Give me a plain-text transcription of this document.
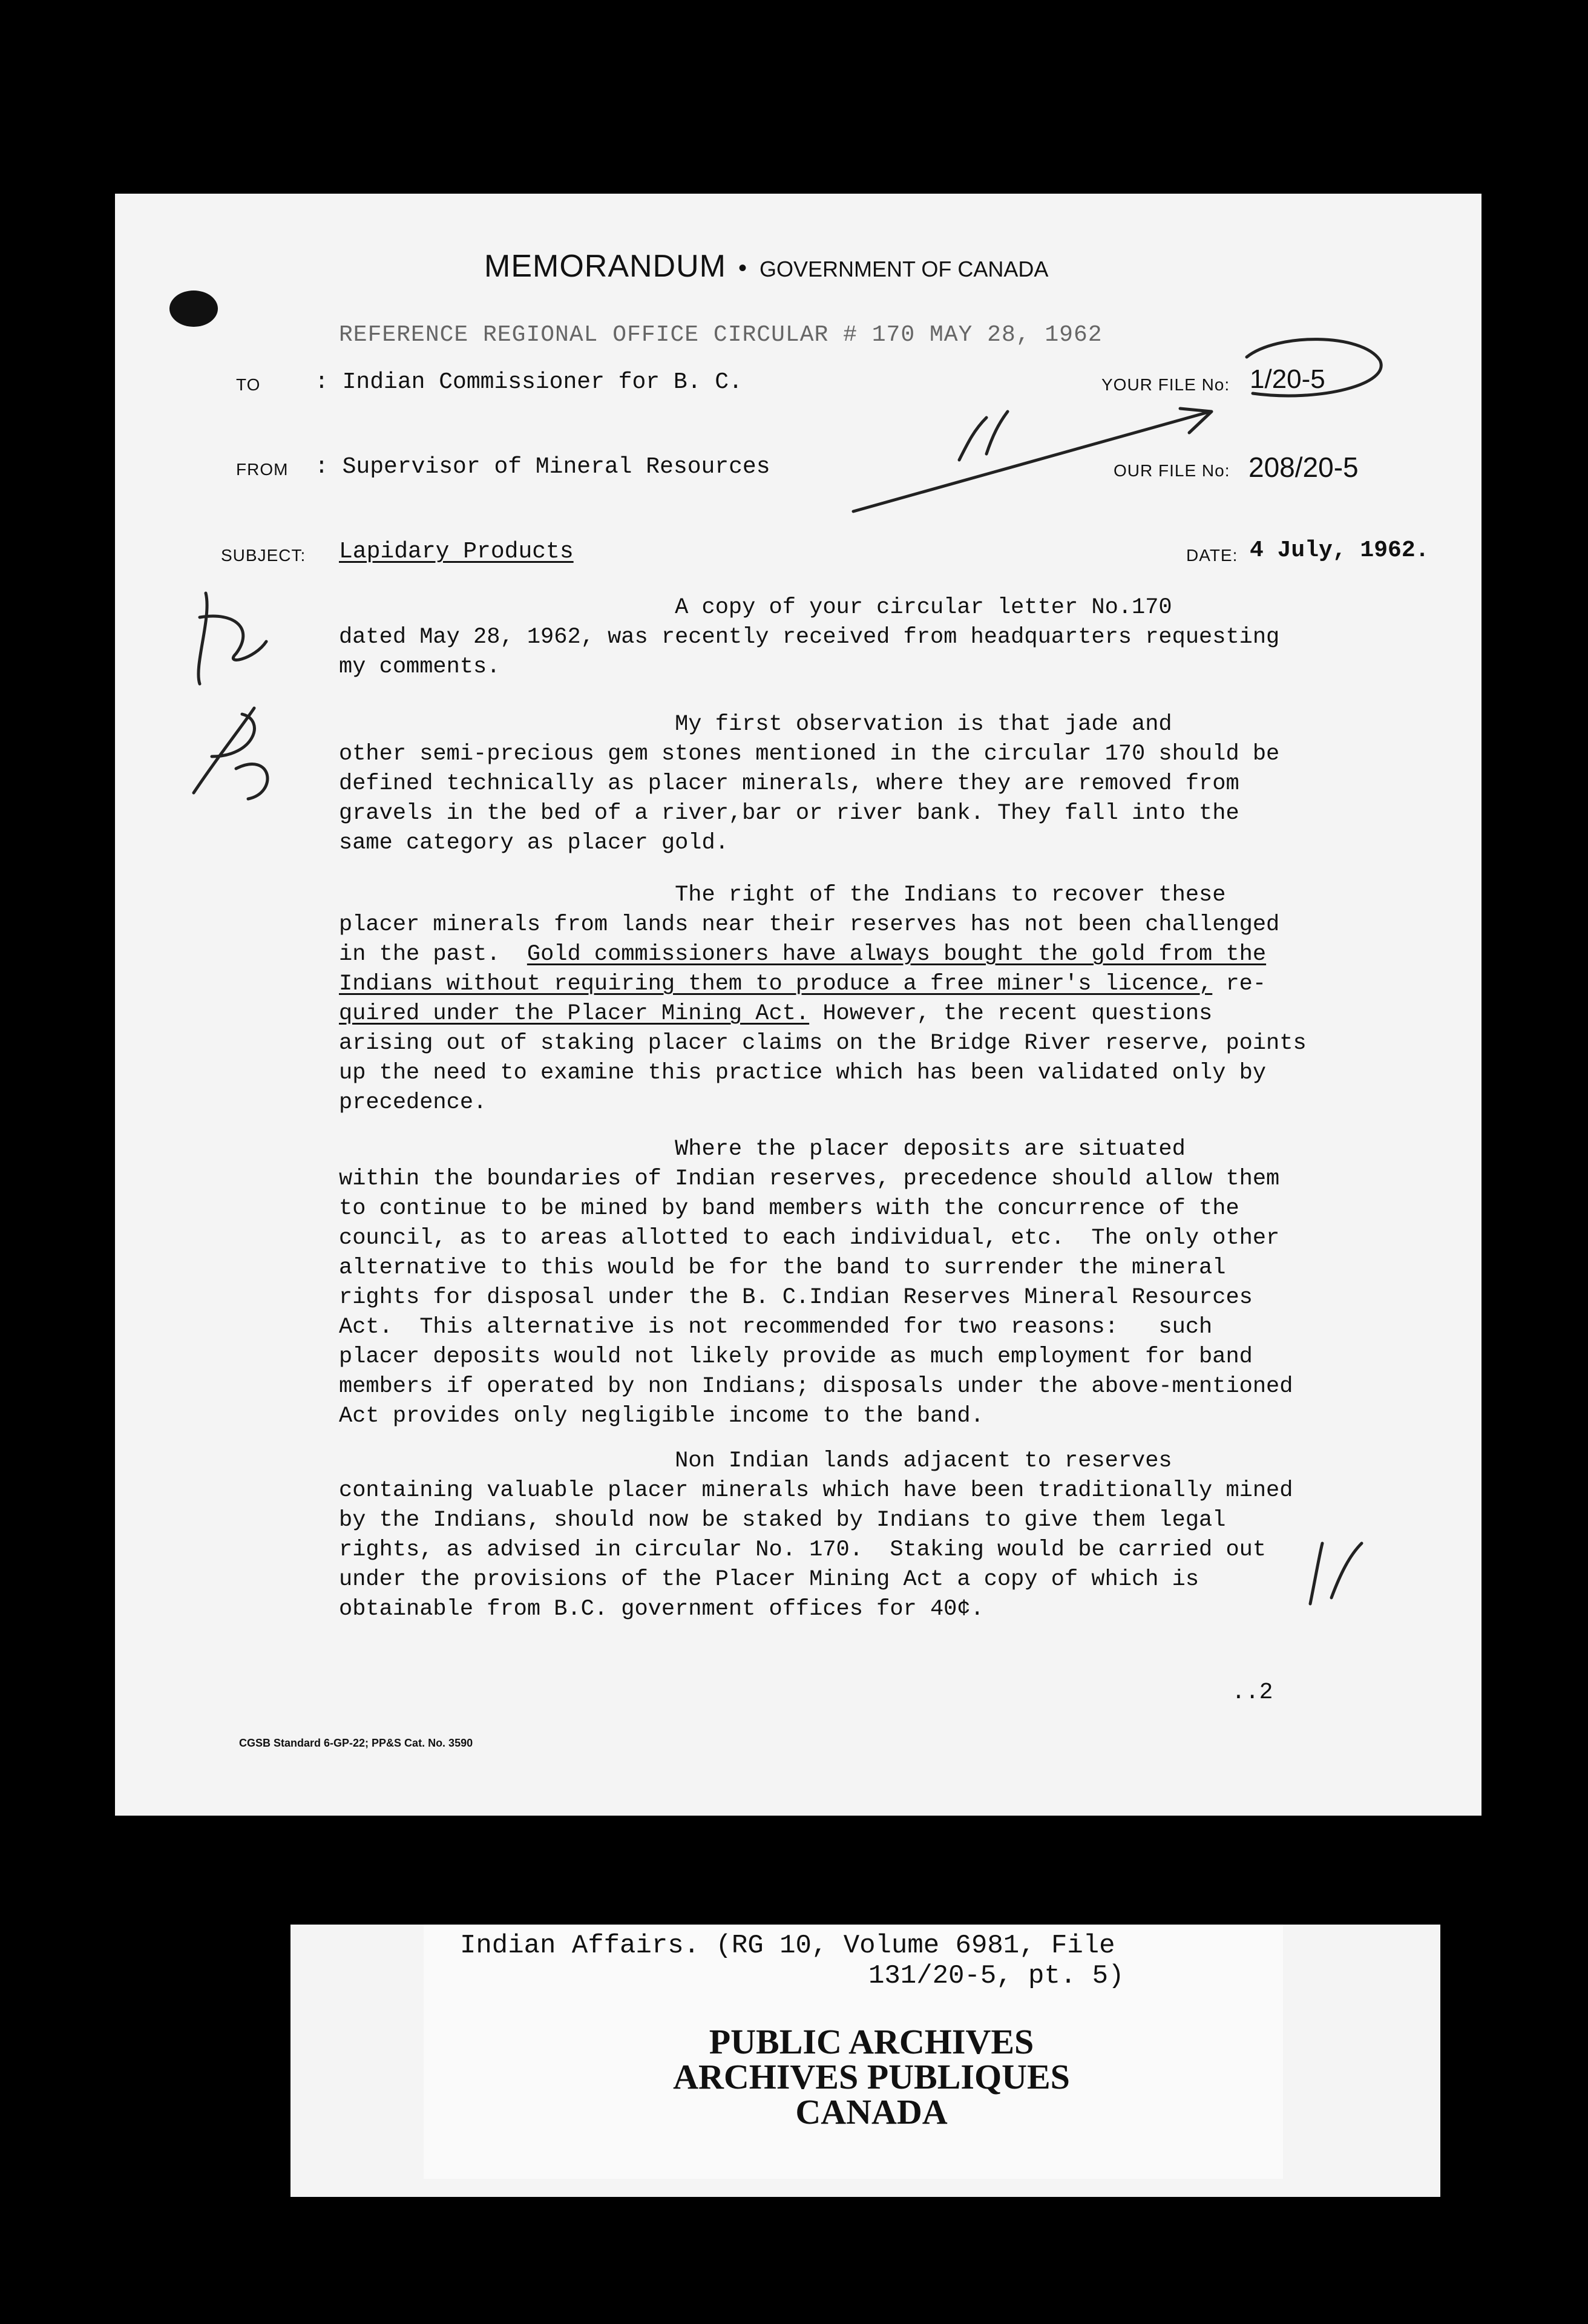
MEMORANDUM • GOVERNMENT OF CANADA
REFERENCE REGIONAL OFFICE CIRCULAR # 170 MAY 28, 1962
TO : Indian Commissioner for B. C.	YOUR FILE No: 1/20-5
FROM : Supervisor of Mineral Resources	OUR FILE No: 208/20-5
SUBJECT: Lapidary Products	DATE: 4 July, 1962.
A copy of your circular letter No.170
dated May 28, 1962, was recently received from headquarters requesting
my comments.
My first observation is that jade and
other semi-precious gem stones mentioned in the circular 170 should be
defined technically as placer minerals, where they are removed from
gravels in the bed of a river,bar or river bank. They fall into the
same category as placer gold.
The right of the Indians to recover these
placer minerals from lands near their reserves has not been challenged
in the past. Gold commissioners have always bought the gold from the
Indians without requiring them to produce a free miner's licence, re-
quired under the Placer Mining Act. However, the recent questions
arising out of staking placer claims on the Bridge River reserve, points
up the need to examine this practice which has been validated only by
precedence.
Where the placer deposits are situated
within the boundaries of Indian reserves, precedence should allow them
to continue to be mined by band members with the concurrence of the
council, as to areas allotted to each individual, etc.  The only other
alternative to this would be for the band to surrender the mineral
rights for disposal under the B. C.Indian Reserves Mineral Resources
Act.  This alternative is not recommended for two reasons:   such
placer deposits would not likely provide as much employment for band
members if operated by non Indians; disposals under the above-mentioned
Act provides only negligible income to the band.
Non Indian lands adjacent to reserves
containing valuable placer minerals which have been traditionally mined
by the Indians, should now be staked by Indians to give them legal
rights, as advised in circular No. 170.  Staking would be carried out
under the provisions of the Placer Mining Act a copy of which is
obtainable from B.C. government offices for 40¢.
..2
CGSB Standard 6-GP-22; PP&S Cat. No. 3590
Indian Affairs. (RG 10, Volume 6981, File
131/20-5, pt. 5)
PUBLIC ARCHIVES
ARCHIVES PUBLIQUES
CANADA
